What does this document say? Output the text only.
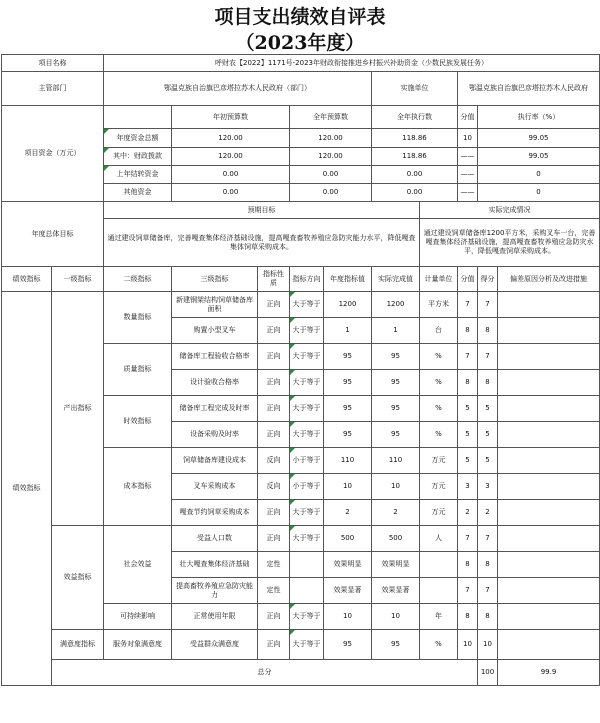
项目支出绩效自评表
（2023年度）
项目名称		呼财农【2022】1171号-2023年财政衔接推进乡村振兴补助资金（少数民族发展任务）										
主管部门		鄂温克族自治旗巴彦塔拉苏木人民政府（部门）					实施单位		鄂温克族自治旗巴彦塔拉苏木人民政府			
项目资金（万元）			年初预算数		全年预算数		全年执行数		分值	执行率（%）	
		年度资金总额	120.00		120.00		118.86		10	99.05	
		其中：财政拨款	120.00		120.00		118.86		——	99.05	
		上年结转资金	0.00		0.00		0.00		——	0	
		其他资金	0.00		0.00		0.00		——	0	
年度总体目标		预期目标						实际完成情况				
		通过建设饲草储备库，完善嘎查集体经济基础设施，提高嘎查畜牧养殖应急防灾能力水平，降低嘎查集体饲草采购成本。						通过建设饲草储备库1200平方米，采购叉车一台，完善嘎查集体经济基础设施，提高嘎查畜牧养殖应急防灾水平，降低嘎查饲草采购成本。				
绩效指标	一级指标	二级指标	三级指标	指标性质	指标方向	年度指标值	实际完成值	计量单位	分值	得分	偏差原因分析及改进措施	
绩效指标	产出指标	数量指标	新建钢架结构饲草储备库面积	正向	大于等于	1200	1200	平方米	7	7		
			购置小型叉车	正向	大于等于	1	1	台	8	8		
		质量指标	储备库工程验收合格率	正向	大于等于	95	95	%	7	7		
			设计验收合格率	正向	大于等于	95	95	%	8	8		
		时效指标	储备库工程完成及时率	正向	大于等于	95	95	%	5	5		
			设备采购及时率	正向	大于等于	95	95	%	5	5		
		成本指标	饲草储备库建设成本	反向	小于等于	110	110	万元	5	5		
			叉车采购成本	反向	小于等于	10	10	万元	3	3		
			嘎查节约饲草采购成本	正向	大于等于	2	2	万元	2	2		
	效益指标	社会效益	受益人口数	正向	大于等于	500	500	人	7	7		
			壮大嘎查集体经济基础	定性		效果明显	效果明显		8	8		
			提高畜牧养殖应急防灾能力	定性		效果显著	效果显著		7	7		
		可持续影响	正常使用年限	正向	大于等于	10	10	年	8	8		
	满意度指标	服务对象满意度	受益群众满意度	正向	大于等于	95	95	%	10	10		
	总分									100	99.9	
